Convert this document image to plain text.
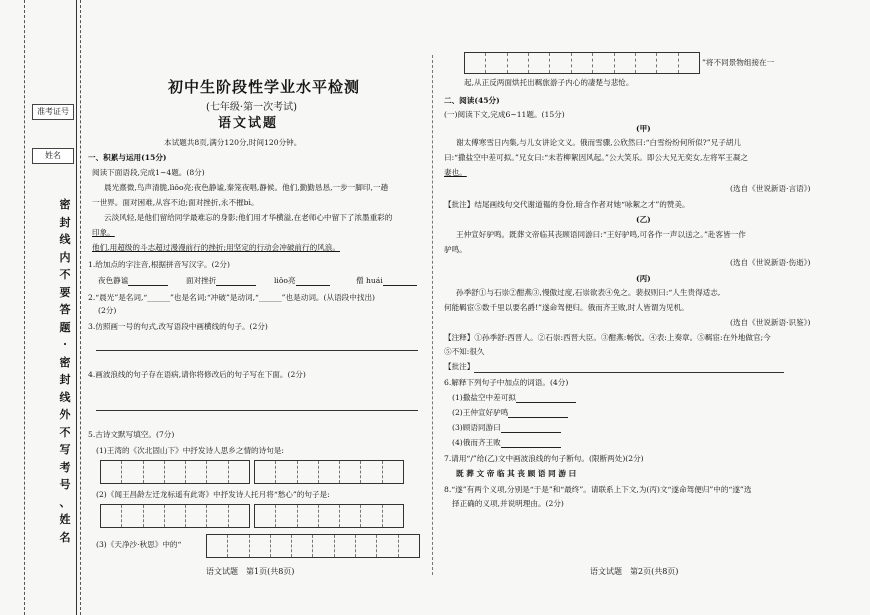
准考证号
姓名
密
封
线
内
不
要
答
题
·
密
封
线
外
不
写
考
号
、
姓
名
初中生阶段性学业水平检测
(七年级·第一次考试)
语文试题
本试题共8页,满分120分,时间120分钟。
一、积累与运用(15分)
阅读下面语段,完成1~4题。(8分)
晨光熹微,鸟声清脆,lìǒo亮;夜色静谧,秦笼夜唱,静候。他们,勤勤恳恳,一步一脚印,一趟
一世界。面对困难,从容不迫;面对挫折,永不摧bì。
云淡风轻,是他们留给同学最难忘的身影;他们用才华横溢,在老师心中留下了浓墨重彩的
印象。
他们,用超级的斗志超过漫漫前行的挫折;用坚定的行动会冲破前行的风浪。
1.给加点的字注音,根据拼音写汉字。(2分)
夜色静谧	面对挫折	liǒo亮	僧 huái
2.“晨光”是名词,“______”也是名词;“冲破”是动词,“______”也是动词。(从语段中找出)
(2分)
3.仿照画一号的句式,改写语段中画横线的句子。(2分)
4.画波浪线的句子存在语病,请你将修改后的句子写在下面。(2分)
5.古诗文默写填空。(7分)
(1)王湾的《次北固山下》中抒发诗人思乡之情的诗句是:
(2)《闻王昌龄左迁龙标遥有此寄》中抒发诗人托月将“愁心”的句子是:
(3)《天净沙·秋思》中的“
语文试题　第1页(共8页)
”将不同景物组接在一
起,从正反两面烘托出羁旅游子内心的凄楚与悲怆。
二、阅读(45分)
(一)阅读下文,完成6~11题。(15分)
(甲)
谢太傅寒雪日内集,与儿女讲论文义。俄而雪骤,公欣然曰:“白雪纷纷何所似?”兄子胡儿
曰:“撒盐空中差可拟。”兄女曰:“未若柳絮因风起。”公大笑乐。即公大兄无奕女,左将军王凝之
妻也。
(选自《世说新语·言语》)
【批注】结尾画线句交代谢道韫的身份,暗含作者对她“咏絮之才”的赞美。
(乙)
王仲宣好驴鸣。既葬文帝临其丧顾语同游曰:“王好驴鸣,可各作一声以送之。”赴客皆一作
驴鸣。
(选自《世说新语·伤逝》)
(丙)
孙季舒①与石崇②酣燕③,慢傲过度,石崇欲表④免之。裴叔则曰:“人生贵得适志,
何能羁宦⑤数千里以要名爵!”遂命驾便归。俄而齐王败,时人皆谓为见机。
(选自《世说新语·识鉴》)
【注释】①孙季舒:西晋人。②石崇:西晋大臣。③酣燕:畅饮。④表:上奏章。⑤羁宦:在外地做官;今
⑤不知:很久
【批注】
6.解释下列句子中加点的词语。(4分)
(1)撒盐空中差可拟
(2)王仲宣好驴鸣
(3)顾语同游曰
(4)俄而齐王败
7.请用“/”给(乙)文中画波浪线的句子断句。(限断两处)(2分)
既 葬 文 帝 临 其 丧 顾 语 同 游 曰
8.“遂”有两个义项,分别是“于是”和“最终”。请联系上下文,为(丙)文“遂命驾便归”中的“遂”选
择正确的义项,并说明理由。(2分)
语文试题　第2页(共8页)
